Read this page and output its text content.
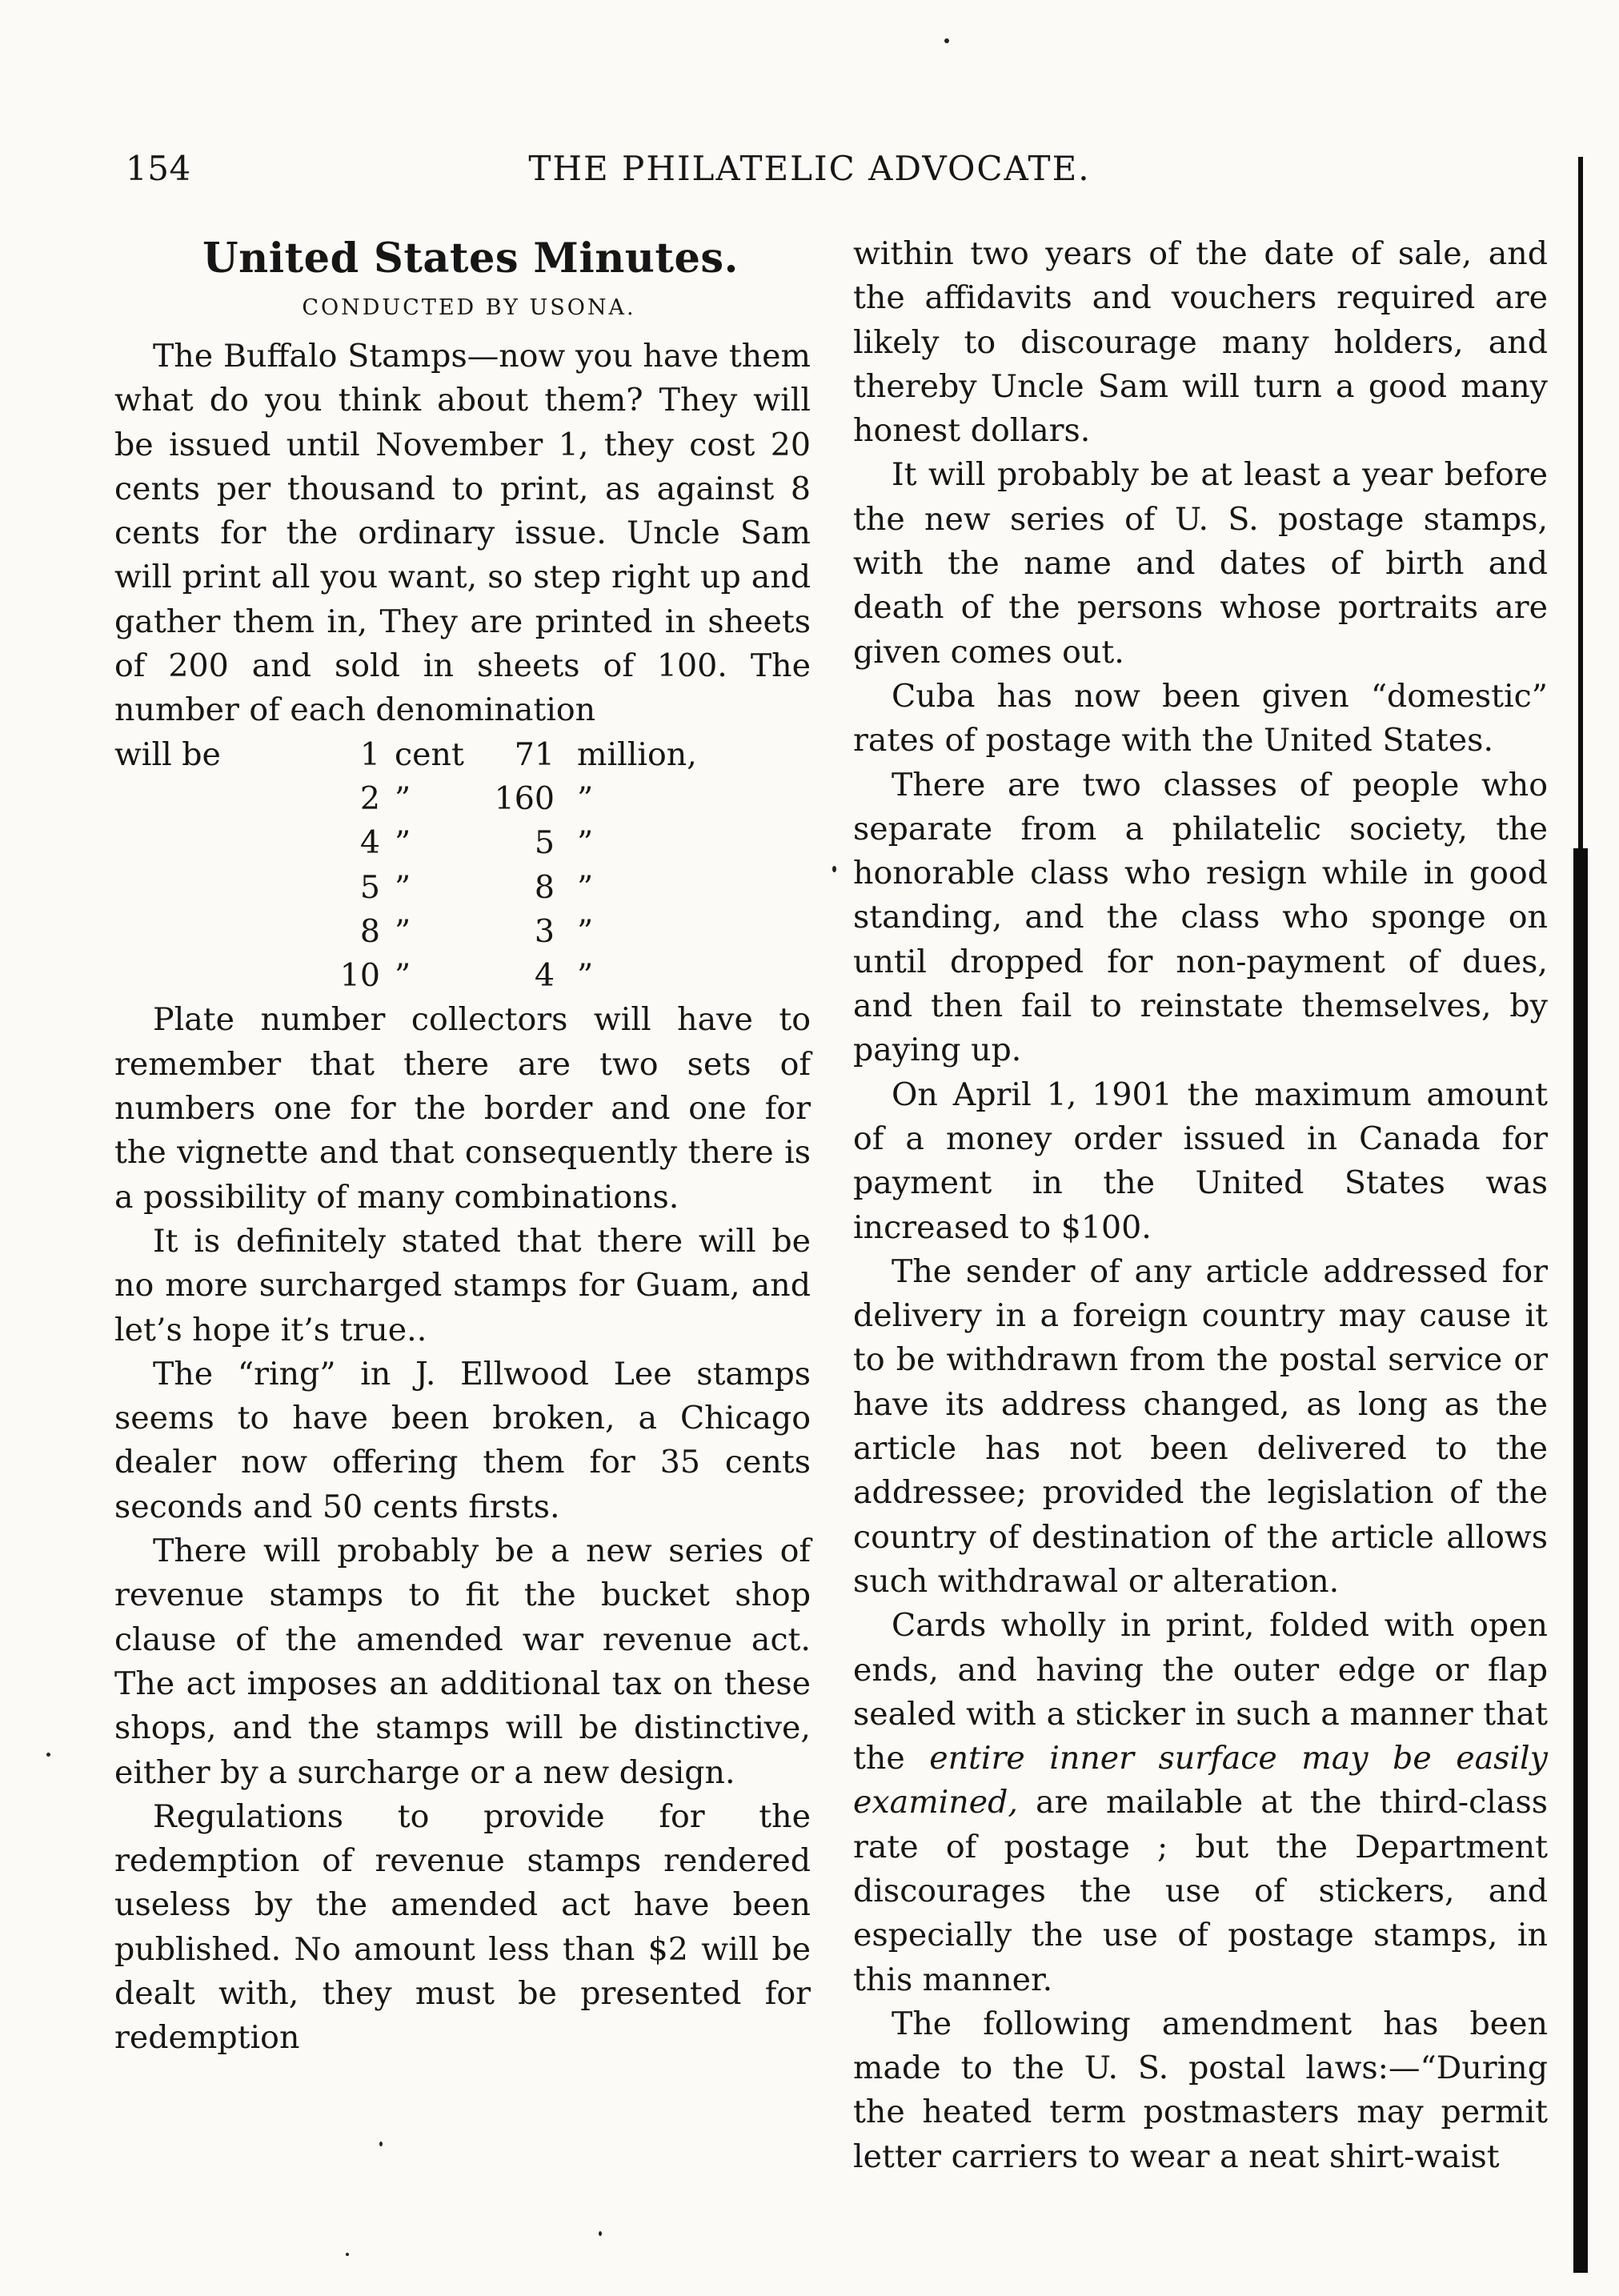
154	THE PHILATELIC ADVOCATE.
United States Minutes.
CONDUCTED BY USONA.

The Buffalo Stamps—now you have them what do you think about them? They will be issued until November 1, they cost 20 cents per thousand to print, as against 8 cents for the ordinary issue. Uncle Sam will print all you want, so step right up and gather them in, They are printed in sheets of 200 and sold in sheets of 100. The number of each denomination

will be	1	cent	71	million,
	2	”	160	”
	4	”	5	”
	5	”	8	”
	8	”	3	”
	10	”	4	”

Plate number collectors will have to remember that there are two sets of numbers one for the border and one for the vignette and that consequently there is a possibility of many combinations.

It is definitely stated that there will be no more surcharged stamps for Guam, and let’s hope it’s true..

The “ring” in J. Ellwood Lee stamps seems to have been broken, a Chicago dealer now offering them for 35 cents seconds and 50 cents firsts.

There will probably be a new series of revenue stamps to fit the bucket shop clause of the amended war revenue act. The act imposes an additional tax on these shops, and the stamps will be distinctive, either by a surcharge or a new design.

Regulations to provide for the redemption of revenue stamps rendered useless by the amended act have been published. No amount less than $2 will be dealt with, they must be presented for redemption

within two years of the date of sale, and the affidavits and vouchers required are likely to discourage many holders, and thereby Uncle Sam will turn a good many honest dollars.

It will probably be at least a year before the new series of U. S. postage stamps, with the name and dates of birth and death of the persons whose portraits are given comes out.

Cuba has now been given “domestic” rates of postage with the United States.

There are two classes of people who separate from a philatelic society, the honorable class who resign while in good standing, and the class who sponge on until dropped for non-payment of dues, and then fail to reinstate themselves, by paying up.

On April 1, 1901 the maximum amount of a money order issued in Canada for payment in the United States was increased to $100.

The sender of any article addressed for delivery in a foreign country may cause it to be withdrawn from the postal service or have its address changed, as long as the article has not been delivered to the addressee; provided the legislation of the country of destination of the article allows such withdrawal or alteration.

Cards wholly in print, folded with open ends, and having the outer edge or flap sealed with a sticker in such a manner that the entire inner surface may be easily examined, are mailable at the third-class rate of postage ; but the Department discourages the use of stickers, and especially the use of postage stamps, in this manner.

The following amendment has been made to the U. S. postal laws:—“During the heated term postmasters may permit letter carriers to wear a neat shirt-waist
